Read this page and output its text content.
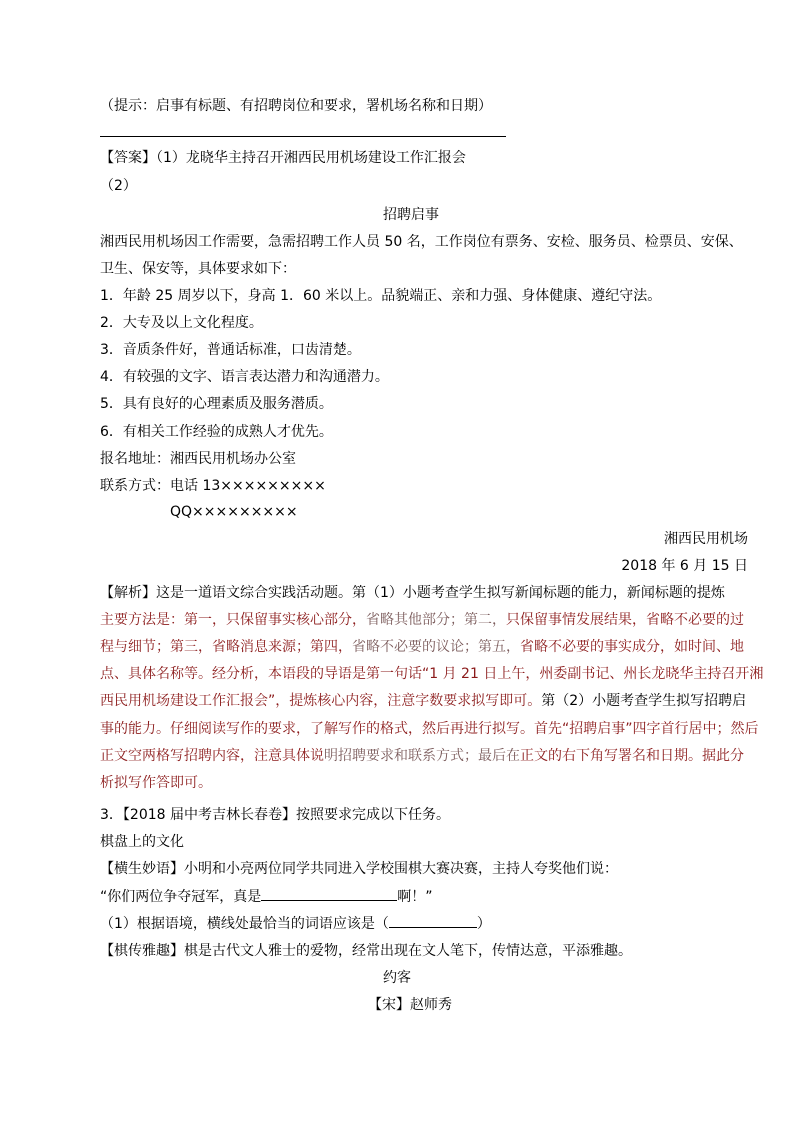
（提示：启事有标题、有招聘岗位和要求，署机场名称和日期）
【答案】（1）龙晓华主持召开湘西民用机场建设工作汇报会
（2）
招聘启事
湘西民用机场因工作需要，急需招聘工作人员 50 名，工作岗位有票务、安检、服务员、检票员、安保、
卫生、保安等，具体要求如下：
1．年龄 25 周岁以下，身高 1．60 米以上。品貌端正、亲和力强、身体健康、遵纪守法。
2．大专及以上文化程度。
3．音质条件好，普通话标准，口齿清楚。
4．有较强的文字、语言表达潜力和沟通潜力。
5．具有良好的心理素质及服务潜质。
6．有相关工作经验的成熟人才优先。
报名地址：湘西民用机场办公室
联系方式：电话 13×××××××××
QQ×××××××××
湘西民用机场
2018 年 6 月 15 日
【解析】这是一道语文综合实践活动题。第（1）小题考查学生拟写新闻标题的能力，新闻标题的提炼
主要方法是：第一，只保留事实核心部分，省略其他部分；第二，只保留事情发展结果，省略不必要的过
程与细节；第三，省略消息来源；第四，省略不必要的议论；第五，省略不必要的事实成分，如时间、地
点、具体名称等。经分析，本语段的导语是第一句话“1 月 21 日上午，州委副书记、州长龙晓华主持召开湘
西民用机场建设工作汇报会”，提炼核心内容，注意字数要求拟写即可。第（2）小题考查学生拟写招聘启
事的能力。仔细阅读写作的要求，了解写作的格式，然后再进行拟写。首先“招聘启事”四字首行居中；然后
正文空两格写招聘内容，注意具体说明招聘要求和联系方式；最后在正文的右下角写署名和日期。据此分
析拟写作答即可。
3．【2018 届中考吉林长春卷】按照要求完成以下任务。
棋盘上的文化
【横生妙语】小明和小亮两位同学共同进入学校围棋大赛决赛，主持人夸奖他们说：
“你们两位争夺冠军，真是	啊！”
（1）根据语境，横线处最恰当的词语应该是（	）
【棋传雅趣】棋是古代文人雅士的爱物，经常出现在文人笔下，传情达意，平添雅趣。
约客
【宋】赵师秀
